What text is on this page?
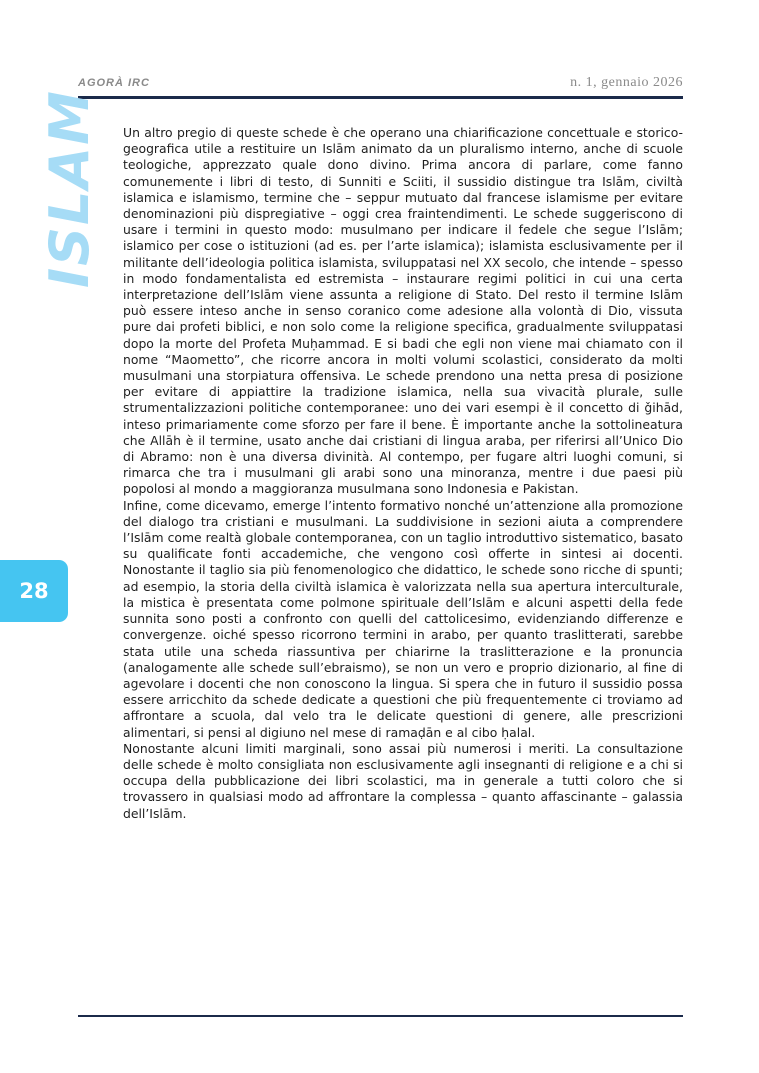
AGORÀ IRC	n. 1, gennaio 2026
ISLAM
28

Un altro pregio di queste schede è che operano una chiarificazione concettuale e storico-geografica utile a restituire un Islām animato da un pluralismo interno, anche di scuole teologiche, apprezzato quale dono divino. Prima ancora di parlare, come fanno comunemente i libri di testo, di Sunniti e Sciiti, il sussidio distingue tra Islām, civiltà islamica e islamismo, termine che – seppur mutuato dal francese islamisme per evitare denominazioni più dispregiative – oggi crea fraintendimenti. Le schede suggeriscono di usare i termini in questo modo: musulmano per indicare il fedele che segue l’Islām; islamico per cose o istituzioni (ad es. per l’arte islamica); islamista esclusivamente per il militante dell’ideologia politica islamista, sviluppatasi nel XX secolo, che intende – spesso in modo fondamentalista ed estremista – instaurare regimi politici in cui una certa interpretazione dell’Islām viene assunta a religione di Stato. Del resto il termine Islām può essere inteso anche in senso coranico come adesione alla volontà di Dio, vissuta pure dai profeti biblici, e non solo come la religione specifica, gradualmente sviluppatasi dopo la morte del Profeta Muḥammad. E si badi che egli non viene mai chiamato con il nome “Maometto”, che ricorre ancora in molti volumi scolastici, considerato da molti musulmani una storpiatura offensiva. Le schede prendono una netta presa di posizione per evitare di appiattire la tradizione islamica, nella sua vivacità plurale, sulle strumentalizzazioni politiche contemporanee: uno dei vari esempi è il concetto di ǧihād, inteso primariamente come sforzo per fare il bene. È importante anche la sottolineatura che Allāh è il termine, usato anche dai cristiani di lingua araba, per riferirsi all’Unico Dio di Abramo: non è una diversa divinità. Al contempo, per fugare altri luoghi comuni, si rimarca che tra i musulmani gli arabi sono una minoranza, mentre i due paesi più popolosi al mondo a maggioranza musulmana sono Indonesia e Pakistan.

Infine, come dicevamo, emerge l’intento formativo nonché un’attenzione alla promozione del dialogo tra cristiani e musulmani. La suddivisione in sezioni aiuta a comprendere l’Islām come realtà globale contemporanea, con un taglio introduttivo sistematico, basato su qualificate fonti accademiche, che vengono così offerte in sintesi ai docenti. Nonostante il taglio sia più fenomenologico che didattico, le schede sono ricche di spunti; ad esempio, la storia della civiltà islamica è valorizzata nella sua apertura interculturale, la mistica è presentata come polmone spirituale dell’Islām e alcuni aspetti della fede sunnita sono posti a confronto con quelli del cattolicesimo, evidenziando differenze e convergenze. oiché spesso ricorrono termini in arabo, per quanto traslitterati, sarebbe stata utile una scheda riassuntiva per chiarirne la traslitterazione e la pronuncia (analogamente alle schede sull’ebraismo), se non un vero e proprio dizionario, al fine di agevolare i docenti che non conoscono la lingua. Si spera che in futuro il sussidio possa essere arricchito da schede dedicate a questioni che più frequentemente ci troviamo ad affrontare a scuola, dal velo tra le delicate questioni di genere, alle prescrizioni alimentari, si pensi al digiuno nel mese di ramaḍān e al cibo ḥalal.

Nonostante alcuni limiti marginali, sono assai più numerosi i meriti. La consultazione delle schede è molto consigliata non esclusivamente agli insegnanti di religione e a chi si occupa della pubblicazione dei libri scolastici, ma in generale a tutti coloro che si trovassero in qualsiasi modo ad affrontare la complessa – quanto affascinante – galassia dell’Islām.
